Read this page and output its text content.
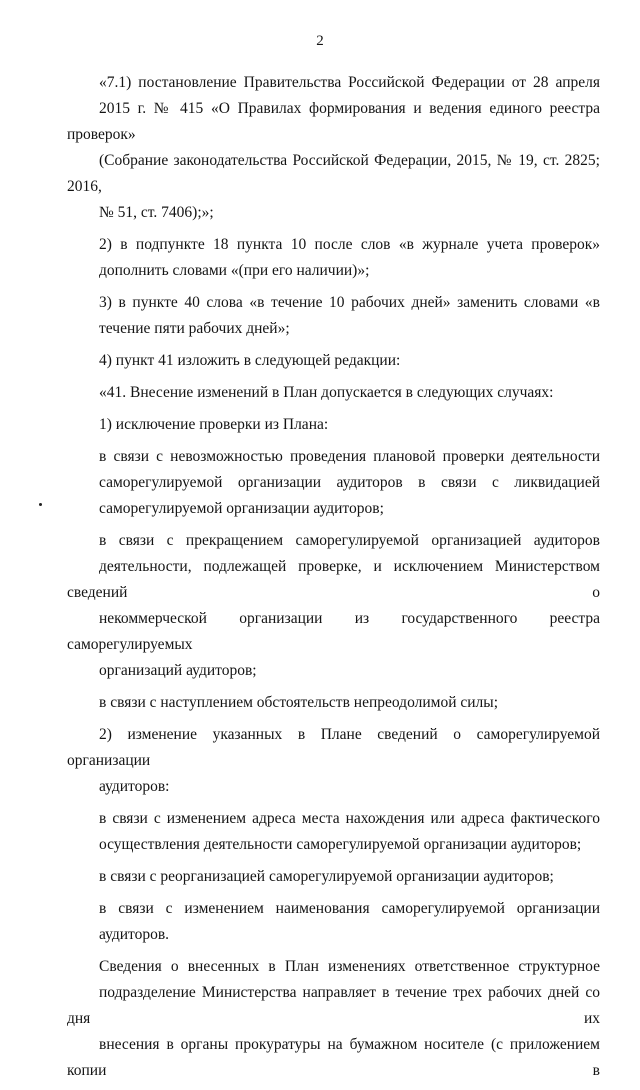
2
«7.1) постановление Правительства Российской Федерации от 28 апреля
2015 г. № 415 «О Правилах формирования и ведения единого реестра проверок»
(Собрание законодательства Российской Федерации, 2015, № 19, ст. 2825; 2016,
№ 51, ст. 7406);»;
2) в подпункте 18 пункта 10 после слов «в журнале учета проверок»
дополнить словами «(при его наличии)»;
3) в пункте 40 слова «в течение 10 рабочих дней» заменить словами «в
течение пяти рабочих дней»;
4) пункт 41 изложить в следующей редакции:
«41. Внесение изменений в План допускается в следующих случаях:
1) исключение проверки из Плана:
в связи с невозможностью проведения плановой проверки деятельности
саморегулируемой организации аудиторов в связи с ликвидацией
саморегулируемой организации аудиторов;
в связи с прекращением саморегулируемой организацией аудиторов
деятельности, подлежащей проверке, и исключением Министерством сведений о
некоммерческой организации из государственного реестра саморегулируемых
организаций аудиторов;
в связи с наступлением обстоятельств непреодолимой силы;
2) изменение указанных в Плане сведений о саморегулируемой организации
аудиторов:
в связи с изменением адреса места нахождения или адреса фактического
осуществления деятельности саморегулируемой организации аудиторов;
в связи с реорганизацией саморегулируемой организации аудиторов;
в связи с изменением наименования саморегулируемой организации
аудиторов.
Сведения о внесенных в План изменениях ответственное структурное
подразделение Министерства направляет в течение трех рабочих дней со дня их
внесения в органы прокуратуры на бумажном носителе (с приложением копии в
